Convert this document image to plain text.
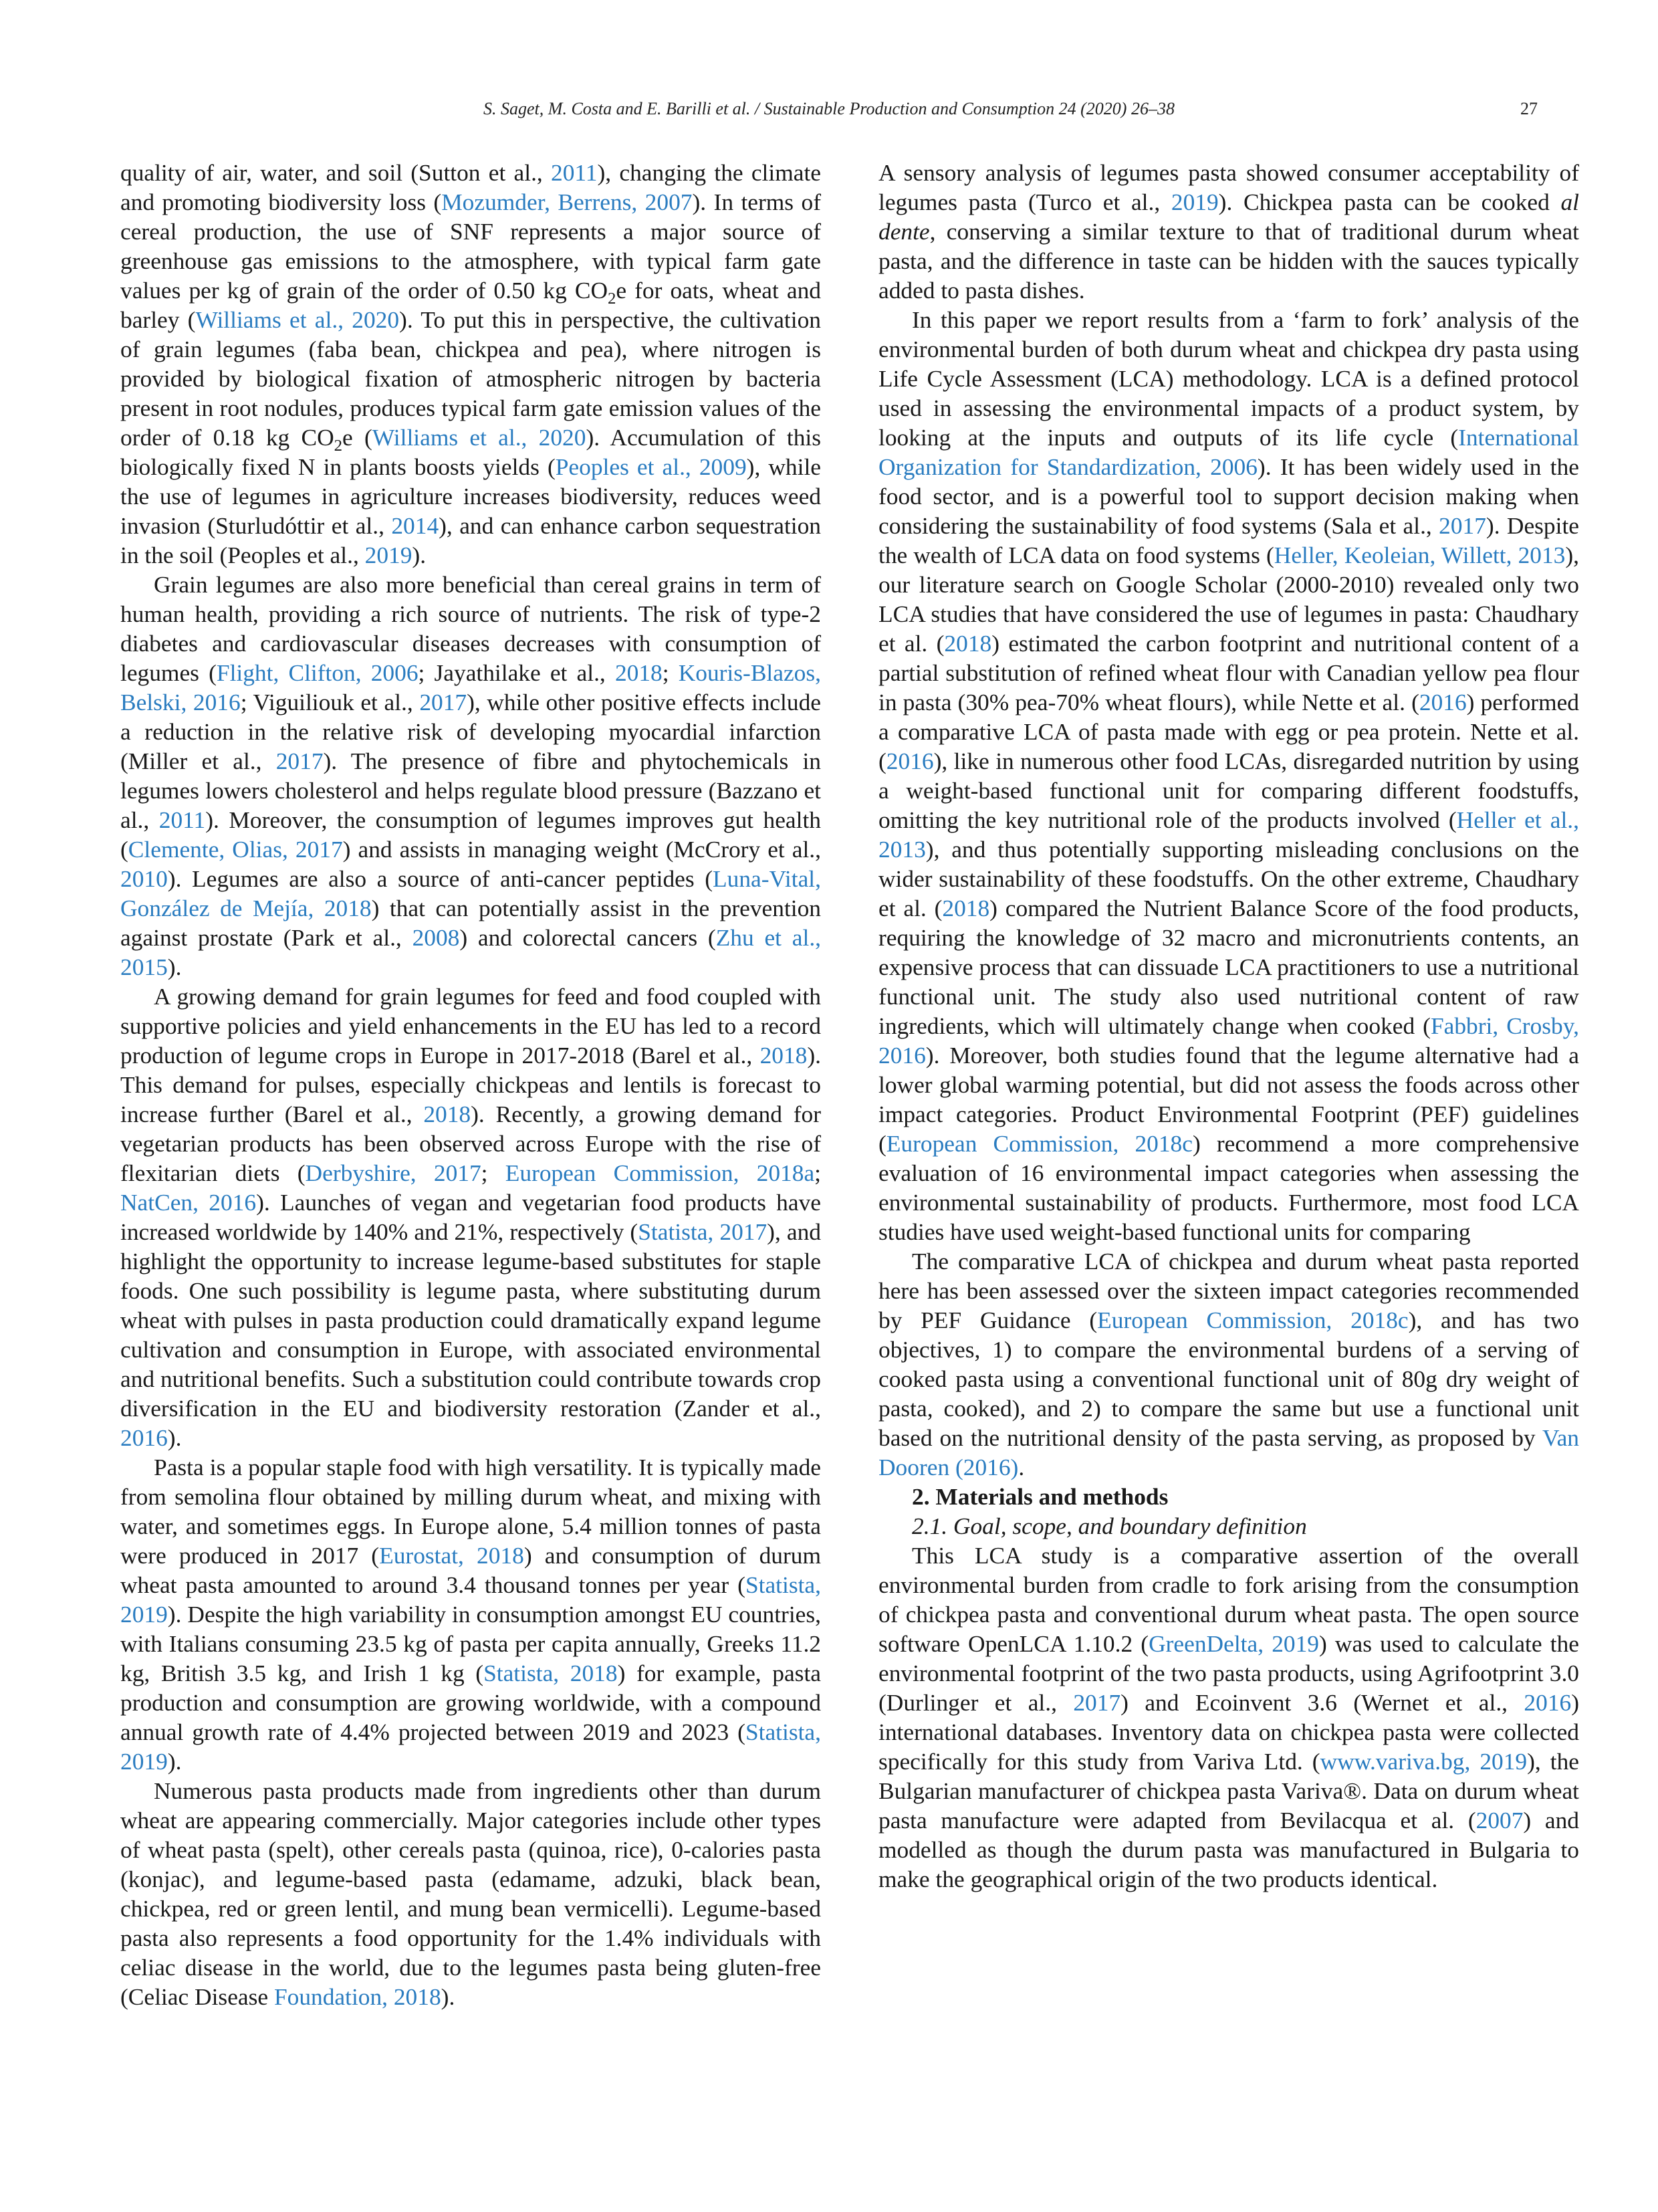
S. Saget, M. Costa and E. Barilli et al. / Sustainable Production and Consumption 24 (2020) 26–38	27

quality of air, water, and soil (Sutton et al., 2011), changing the climate and promoting biodiversity loss (Mozumder, Berrens, 2007). In terms of cereal production, the use of SNF represents a major source of greenhouse gas emissions to the atmosphere, with typical farm gate values per kg of grain of the order of 0.50 kg $CO_2e$ for oats, wheat and barley (Williams et al., 2020). To put this in perspective, the cultivation of grain legumes (faba bean, chickpea and pea), where nitrogen is provided by biological fixation of atmospheric nitrogen by bacteria present in root nodules, produces typical farm gate emission values of the order of 0.18 kg $CO_2e$ (Williams et al., 2020). Accumulation of this biologically fixed N in plants boosts yields (Peoples et al., 2009), while the use of legumes in agriculture increases biodiversity, reduces weed invasion (Sturludóttir et al., 2014), and can enhance carbon sequestration in the soil (Peoples et al., 2019).

Grain legumes are also more beneficial than cereal grains in term of human health, providing a rich source of nutrients. The risk of type-2 diabetes and cardiovascular diseases decreases with consumption of legumes (Flight, Clifton, 2006; Jayathilake et al., 2018; Kouris-Blazos, Belski, 2016; Viguiliouk et al., 2017), while other positive effects include a reduction in the relative risk of developing myocardial infarction (Miller et al., 2017). The presence of fibre and phytochemicals in legumes lowers cholesterol and helps regulate blood pressure (Bazzano et al., 2011). Moreover, the consumption of legumes improves gut health (Clemente, Olias, 2017) and assists in managing weight (McCrory et al., 2010). Legumes are also a source of anti-cancer peptides (Luna-Vital, González de Mejía, 2018) that can potentially assist in the prevention against prostate (Park et al., 2008) and colorectal cancers (Zhu et al., 2015).

A growing demand for grain legumes for feed and food coupled with supportive policies and yield enhancements in the EU has led to a record production of legume crops in Europe in 2017-2018 (Barel et al., 2018). This demand for pulses, especially chickpeas and lentils is forecast to increase further (Barel et al., 2018). Recently, a growing demand for vegetarian products has been observed across Europe with the rise of flexitarian diets (Derbyshire, 2017; European Commission, 2018a; NatCen, 2016). Launches of vegan and vegetarian food products have increased worldwide by 140% and 21%, respectively (Statista, 2017), and highlight the opportunity to increase legume-based substitutes for staple foods. One such possibility is legume pasta, where substituting durum wheat with pulses in pasta production could dramatically expand legume cultivation and consumption in Europe, with associated environmental and nutritional benefits. Such a substitution could contribute towards crop diversification in the EU and biodiversity restoration (Zander et al., 2016).

Pasta is a popular staple food with high versatility. It is typically made from semolina flour obtained by milling durum wheat, and mixing with water, and sometimes eggs. In Europe alone, 5.4 million tonnes of pasta were produced in 2017 (Eurostat, 2018) and consumption of durum wheat pasta amounted to around 3.4 thousand tonnes per year (Statista, 2019). Despite the high variability in consumption amongst EU countries, with Italians consuming 23.5 kg of pasta per capita annually, Greeks 11.2 kg, British 3.5 kg, and Irish 1 kg (Statista, 2018) for example, pasta production and consumption are growing worldwide, with a compound annual growth rate of 4.4% projected between 2019 and 2023 (Statista, 2019).

Numerous pasta products made from ingredients other than durum wheat are appearing commercially. Major categories include other types of wheat pasta (spelt), other cereals pasta (quinoa, rice), 0-calories pasta (konjac), and legume-based pasta (edamame, adzuki, black bean, chickpea, red or green lentil, and mung bean vermicelli). Legume-based pasta also represents a food opportunity for the 1.4% individuals with celiac disease in the world, due to the legumes pasta being gluten-free (Celiac Disease Foundation, 2018).

A sensory analysis of legumes pasta showed consumer acceptability of legumes pasta (Turco et al., 2019). Chickpea pasta can be cooked al dente, conserving a similar texture to that of traditional durum wheat pasta, and the difference in taste can be hidden with the sauces typically added to pasta dishes.

In this paper we report results from a ‘farm to fork’ analysis of the environmental burden of both durum wheat and chickpea dry pasta using Life Cycle Assessment (LCA) methodology. LCA is a defined protocol used in assessing the environmental impacts of a product system, by looking at the inputs and outputs of its life cycle (International Organization for Standardization, 2006). It has been widely used in the food sector, and is a powerful tool to support decision making when considering the sustainability of food systems (Sala et al., 2017). Despite the wealth of LCA data on food systems (Heller, Keoleian, Willett, 2013), our literature search on Google Scholar (2000-2010) revealed only two LCA studies that have considered the use of legumes in pasta: Chaudhary et al. (2018) estimated the carbon footprint and nutritional content of a partial substitution of refined wheat flour with Canadian yellow pea flour in pasta (30% pea-70% wheat flours), while Nette et al. (2016) performed a comparative LCA of pasta made with egg or pea protein. Nette et al. (2016), like in numerous other food LCAs, disregarded nutrition by using a weight-based functional unit for comparing different foodstuffs, omitting the key nutritional role of the products involved (Heller et al., 2013), and thus potentially supporting misleading conclusions on the wider sustainability of these foodstuffs. On the other extreme, Chaudhary et al. (2018) compared the Nutrient Balance Score of the food products, requiring the knowledge of 32 macro and micronutrients contents, an expensive process that can dissuade LCA practitioners to use a nutritional functional unit. The study also used nutritional content of raw ingredients, which will ultimately change when cooked (Fabbri, Crosby, 2016). Moreover, both studies found that the legume alternative had a lower global warming potential, but did not assess the foods across other impact categories. Product Environmental Footprint (PEF) guidelines (European Commission, 2018c) recommend a more comprehensive evaluation of 16 environmental impact categories when assessing the environmental sustainability of products. Furthermore, most food LCA studies have used weight-based functional units for comparing

The comparative LCA of chickpea and durum wheat pasta reported here has been assessed over the sixteen impact categories recommended by PEF Guidance (European Commission, 2018c), and has two objectives, 1) to compare the environmental burdens of a serving of cooked pasta using a conventional functional unit of 80g dry weight of pasta, cooked), and 2) to compare the same but use a functional unit based on the nutritional density of the pasta serving, as proposed by Van Dooren (2016).

2. Materials and methods

2.1. Goal, scope, and boundary definition

This LCA study is a comparative assertion of the overall environmental burden from cradle to fork arising from the consumption of chickpea pasta and conventional durum wheat pasta. The open source software OpenLCA 1.10.2 (GreenDelta, 2019) was used to calculate the environmental footprint of the two pasta products, using Agrifootprint 3.0 (Durlinger et al., 2017) and Ecoinvent 3.6 (Wernet et al., 2016) international databases. Inventory data on chickpea pasta were collected specifically for this study from Variva Ltd. (www.variva.bg, 2019), the Bulgarian manufacturer of chickpea pasta Variva®. Data on durum wheat pasta manufacture were adapted from Bevilacqua et al. (2007) and modelled as though the durum pasta was manufactured in Bulgaria to make the geographical origin of the two products identical.
